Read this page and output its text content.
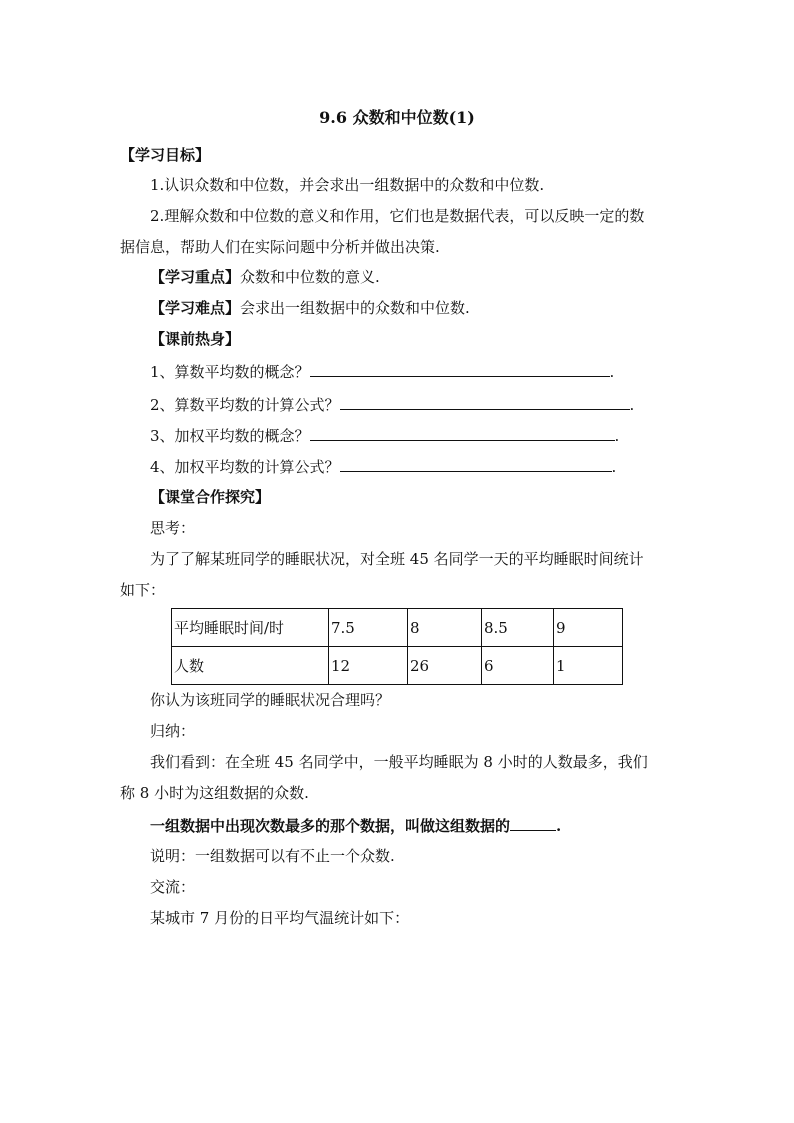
9.6 众数和中位数(1)
【学习目标】
1.认识众数和中位数，并会求出一组数据中的众数和中位数.
2.理解众数和中位数的意义和作用，它们也是数据代表，可以反映一定的数
据信息，帮助人们在实际问题中分析并做出决策.
【学习重点】众数和中位数的意义.
【学习难点】会求出一组数据中的众数和中位数.
【课前热身】
1、算数平均数的概念？	.
2、算数平均数的计算公式？	.
3、加权平均数的概念？	.
4、加权平均数的计算公式？	.
【课堂合作探究】
思考：
为了了解某班同学的睡眠状况，对全班 45 名同学一天的平均睡眠时间统计
如下：
平均睡眠时间/时	7.5	8	8.5	9
人数	12	26	6	1
你认为该班同学的睡眠状况合理吗？
归纳：
我们看到：在全班 45 名同学中，一般平均睡眠为 8 小时的人数最多，我们
称 8 小时为这组数据的众数.
一组数据中出现次数最多的那个数据，叫做这组数据的	.
说明：一组数据可以有不止一个众数.
交流：
某城市 7 月份的日平均气温统计如下：
